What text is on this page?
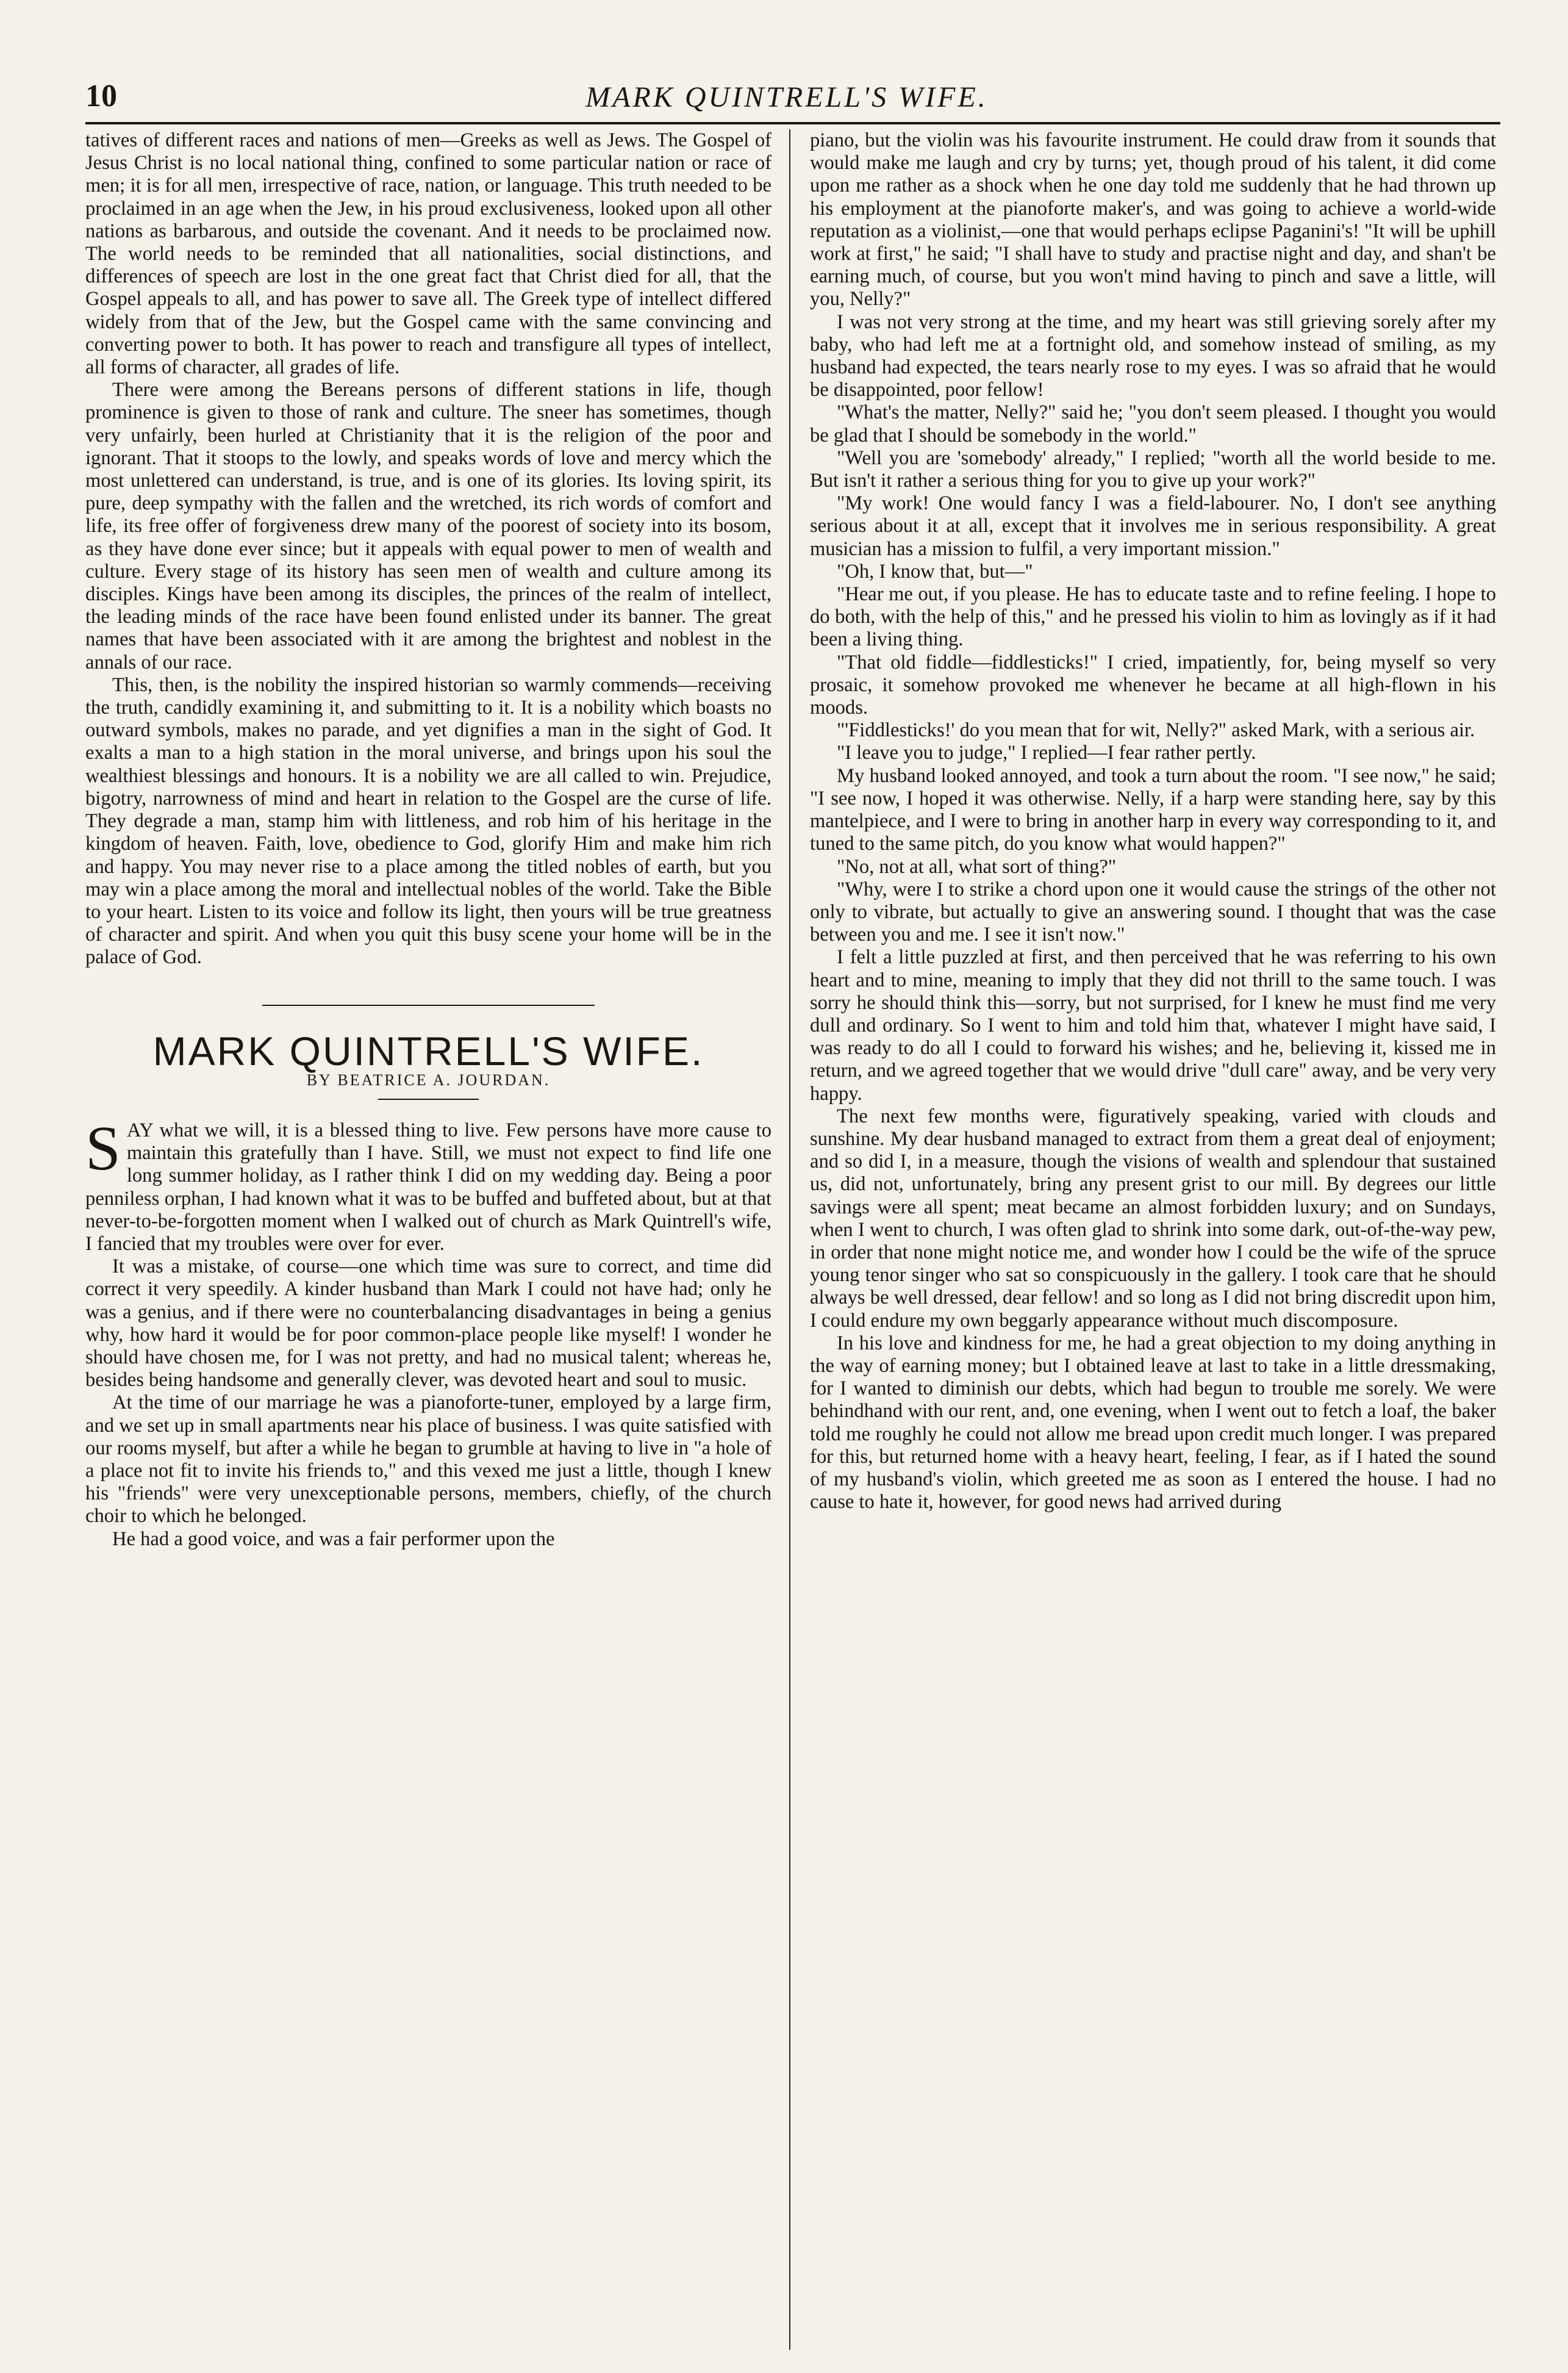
10	MARK QUINTRELL'S WIFE.

tatives of different races and nations of men—Greeks as well as Jews. The Gospel of Jesus Christ is no local national thing, confined to some particular nation or race of men; it is for all men, irrespective of race, nation, or language. This truth needed to be proclaimed in an age when the Jew, in his proud exclusiveness, looked upon all other nations as barbarous, and outside the covenant. And it needs to be proclaimed now. The world needs to be reminded that all nationalities, social distinctions, and differences of speech are lost in the one great fact that Christ died for all, that the Gospel appeals to all, and has power to save all. The Greek type of intellect differed widely from that of the Jew, but the Gospel came with the same convincing and converting power to both. It has power to reach and transfigure all types of intellect, all forms of character, all grades of life.

There were among the Bereans persons of different stations in life, though prominence is given to those of rank and culture. The sneer has sometimes, though very unfairly, been hurled at Christianity that it is the religion of the poor and ignorant. That it stoops to the lowly, and speaks words of love and mercy which the most unlettered can understand, is true, and is one of its glories. Its loving spirit, its pure, deep sympathy with the fallen and the wretched, its rich words of comfort and life, its free offer of forgiveness drew many of the poorest of society into its bosom, as they have done ever since; but it appeals with equal power to men of wealth and culture. Every stage of its history has seen men of wealth and culture among its disciples. Kings have been among its disciples, the princes of the realm of intellect, the leading minds of the race have been found enlisted under its banner. The great names that have been associated with it are among the brightest and noblest in the annals of our race.

This, then, is the nobility the inspired historian so warmly commends—receiving the truth, candidly examining it, and submitting to it. It is a nobility which boasts no outward symbols, makes no parade, and yet dignifies a man in the sight of God. It exalts a man to a high station in the moral universe, and brings upon his soul the wealthiest blessings and honours. It is a nobility we are all called to win. Prejudice, bigotry, narrowness of mind and heart in relation to the Gospel are the curse of life. They degrade a man, stamp him with littleness, and rob him of his heritage in the kingdom of heaven. Faith, love, obedience to God, glorify Him and make him rich and happy. You may never rise to a place among the titled nobles of earth, but you may win a place among the moral and intellectual nobles of the world. Take the Bible to your heart. Listen to its voice and follow its light, then yours will be true greatness of character and spirit. And when you quit this busy scene your home will be in the palace of God.

MARK QUINTRELL'S WIFE.
BY BEATRICE A. JOURDAN.

SAY what we will, it is a blessed thing to live. Few persons have more cause to maintain this gratefully than I have. Still, we must not expect to find life one long summer holiday, as I rather think I did on my wedding day. Being a poor penniless orphan, I had known what it was to be buffed and buffeted about, but at that never-to-be-forgotten moment when I walked out of church as Mark Quintrell's wife, I fancied that my troubles were over for ever.

It was a mistake, of course—one which time was sure to correct, and time did correct it very speedily. A kinder husband than Mark I could not have had; only he was a genius, and if there were no counterbalancing disadvantages in being a genius why, how hard it would be for poor common-place people like myself! I wonder he should have chosen me, for I was not pretty, and had no musical talent; whereas he, besides being handsome and generally clever, was devoted heart and soul to music.

At the time of our marriage he was a pianoforte-tuner, employed by a large firm, and we set up in small apartments near his place of business. I was quite satisfied with our rooms myself, but after a while he began to grumble at having to live in "a hole of a place not fit to invite his friends to," and this vexed me just a little, though I knew his "friends" were very unexceptionable persons, members, chiefly, of the church choir to which he belonged.

He had a good voice, and was a fair performer upon the

piano, but the violin was his favourite instrument. He could draw from it sounds that would make me laugh and cry by turns; yet, though proud of his talent, it did come upon me rather as a shock when he one day told me suddenly that he had thrown up his employment at the pianoforte maker's, and was going to achieve a world-wide reputation as a violinist,—one that would perhaps eclipse Paganini's! "It will be uphill work at first," he said; "I shall have to study and practise night and day, and shan't be earning much, of course, but you won't mind having to pinch and save a little, will you, Nelly?"

I was not very strong at the time, and my heart was still grieving sorely after my baby, who had left me at a fortnight old, and somehow instead of smiling, as my husband had expected, the tears nearly rose to my eyes. I was so afraid that he would be disappointed, poor fellow!

"What's the matter, Nelly?" said he; "you don't seem pleased. I thought you would be glad that I should be somebody in the world."

"Well you are 'somebody' already," I replied; "worth all the world beside to me. But isn't it rather a serious thing for you to give up your work?"

"My work! One would fancy I was a field-labourer. No, I don't see anything serious about it at all, except that it involves me in serious responsibility. A great musician has a mission to fulfil, a very important mission."

"Oh, I know that, but—"

"Hear me out, if you please. He has to educate taste and to refine feeling. I hope to do both, with the help of this," and he pressed his violin to him as lovingly as if it had been a living thing.

"That old fiddle—fiddlesticks!" I cried, impatiently, for, being myself so very prosaic, it somehow provoked me whenever he became at all high-flown in his moods.

"'Fiddlesticks!' do you mean that for wit, Nelly?" asked Mark, with a serious air.

"I leave you to judge," I replied—I fear rather pertly.

My husband looked annoyed, and took a turn about the room. "I see now," he said; "I see now, I hoped it was otherwise. Nelly, if a harp were standing here, say by this mantelpiece, and I were to bring in another harp in every way corresponding to it, and tuned to the same pitch, do you know what would happen?"

"No, not at all, what sort of thing?"

"Why, were I to strike a chord upon one it would cause the strings of the other not only to vibrate, but actually to give an answering sound. I thought that was the case between you and me. I see it isn't now."

I felt a little puzzled at first, and then perceived that he was referring to his own heart and to mine, meaning to imply that they did not thrill to the same touch. I was sorry he should think this—sorry, but not surprised, for I knew he must find me very dull and ordinary. So I went to him and told him that, whatever I might have said, I was ready to do all I could to forward his wishes; and he, believing it, kissed me in return, and we agreed together that we would drive "dull care" away, and be very very happy.

The next few months were, figuratively speaking, varied with clouds and sunshine. My dear husband managed to extract from them a great deal of enjoyment; and so did I, in a measure, though the visions of wealth and splendour that sustained us, did not, unfortunately, bring any present grist to our mill. By degrees our little savings were all spent; meat became an almost forbidden luxury; and on Sundays, when I went to church, I was often glad to shrink into some dark, out-of-the-way pew, in order that none might notice me, and wonder how I could be the wife of the spruce young tenor singer who sat so conspicuously in the gallery. I took care that he should always be well dressed, dear fellow! and so long as I did not bring discredit upon him, I could endure my own beggarly appearance without much discomposure.

In his love and kindness for me, he had a great objection to my doing anything in the way of earning money; but I obtained leave at last to take in a little dressmaking, for I wanted to diminish our debts, which had begun to trouble me sorely. We were behindhand with our rent, and, one evening, when I went out to fetch a loaf, the baker told me roughly he could not allow me bread upon credit much longer. I was prepared for this, but returned home with a heavy heart, feeling, I fear, as if I hated the sound of my husband's violin, which greeted me as soon as I entered the house. I had no cause to hate it, however, for good news had arrived during
